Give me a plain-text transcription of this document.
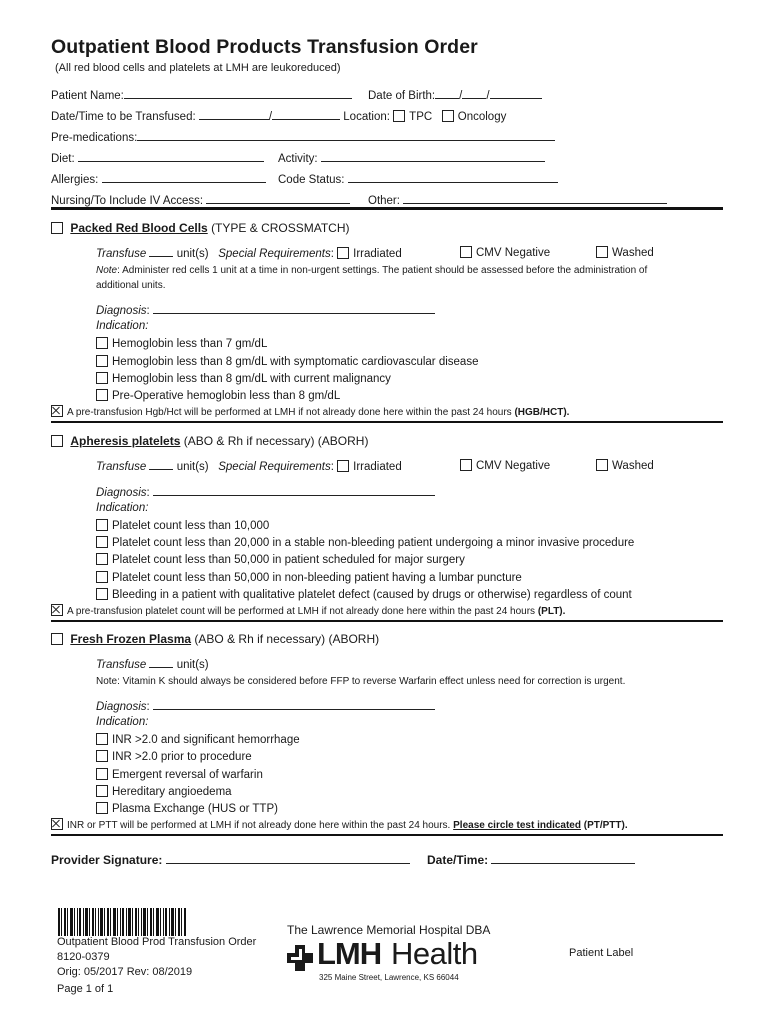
Outpatient Blood Products Transfusion Order
(All red blood cells and platelets at LMH are leukoreduced)
Patient Name:	Date of Birth: / /
Date/Time to be Transfused:	/	Location: TPC Oncology
Pre-medications:
Diet:	Activity:
Allergies:	Code Status:
Nursing/To Include IV Access:	Other:
Packed Red Blood Cells (TYPE & CROSSMATCH)
Transfuse	unit(s) Special Requirements: Irradiated	CMV Negative	Washed
Note: Administer red cells 1 unit at a time in non-urgent settings. The patient should be assessed before the administration of
additional units.
Diagnosis:
Indication:
Hemoglobin less than 7 gm/dL
Hemoglobin less than 8 gm/dL with symptomatic cardiovascular disease
Hemoglobin less than 8 gm/dL with current malignancy
Pre-Operative hemoglobin less than 8 gm/dL
A pre-transfusion Hgb/Hct will be performed at LMH if not already done here within the past 24 hours (HGB/HCT).
Apheresis platelets (ABO & Rh if necessary) (ABORH)
Transfuse	unit(s) Special Requirements: Irradiated	CMV Negative	Washed
Diagnosis:
Indication:
Platelet count less than 10,000
Platelet count less than 20,000 in a stable non-bleeding patient undergoing a minor invasive procedure
Platelet count less than 50,000 in patient scheduled for major surgery
Platelet count less than 50,000 in non-bleeding patient having a lumbar puncture
Bleeding in a patient with qualitative platelet defect (caused by drugs or otherwise) regardless of count
A pre-transfusion platelet count will be performed at LMH if not already done here within the past 24 hours (PLT).
Fresh Frozen Plasma (ABO & Rh if necessary) (ABORH)
Transfuse	unit(s)
Note: Vitamin K should always be considered before FFP to reverse Warfarin effect unless need for correction is urgent.
Diagnosis:
Indication:
INR >2.0 and significant hemorrhage
INR >2.0 prior to procedure
Emergent reversal of warfarin
Hereditary angioedema
Plasma Exchange (HUS or TTP)
INR or PTT will be performed at LMH if not already done here within the past 24 hours. Please circle test indicated (PT/PTT).
Provider Signature:	Date/Time:
Outpatient Blood Prod Transfusion Order
8120-0379
Orig: 05/2017 Rev: 08/2019
Page 1 of 1
The Lawrence Memorial Hospital DBA
LMH Health
325 Maine Street, Lawrence, KS 66044
Patient Label
